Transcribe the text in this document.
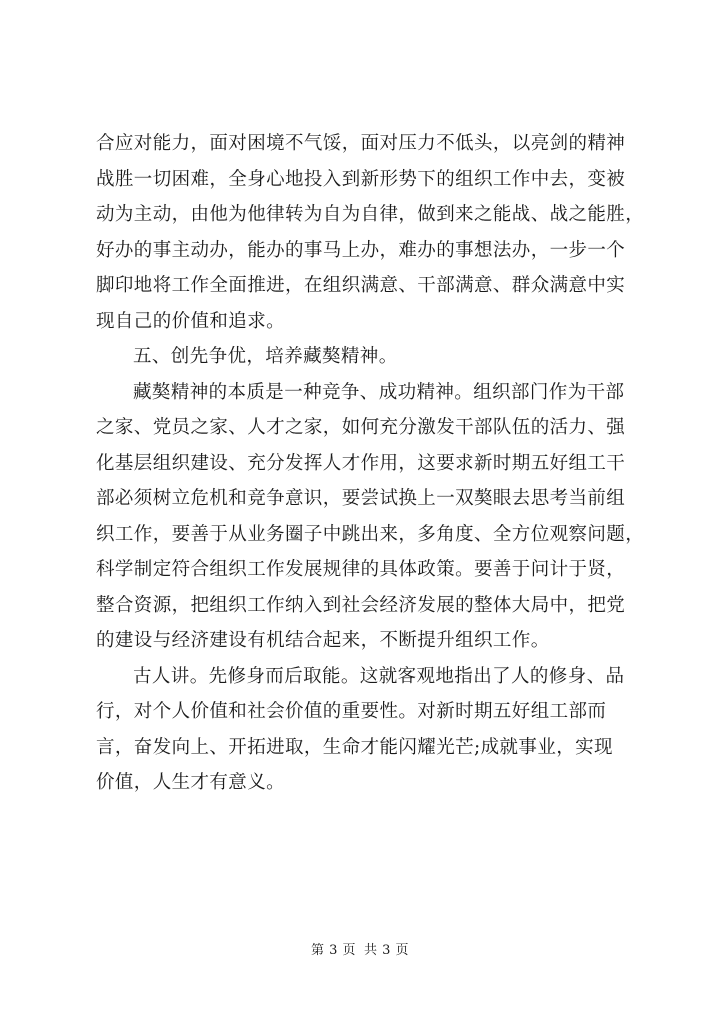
合应对能力，面对困境不气馁，面对压力不低头，以亮剑的精神
战胜一切困难，全身心地投入到新形势下的组织工作中去，变被
动为主动，由他为他律转为自为自律，做到来之能战、战之能胜，
好办的事主动办，能办的事马上办，难办的事想法办，一步一个
脚印地将工作全面推进，在组织满意、干部满意、群众满意中实
现自己的价值和追求。
五、创先争优，培养藏獒精神。
藏獒精神的本质是一种竞争、成功精神。组织部门作为干部
之家、党员之家、人才之家，如何充分激发干部队伍的活力、强
化基层组织建设、充分发挥人才作用，这要求新时期五好组工干
部必须树立危机和竞争意识，要尝试换上一双獒眼去思考当前组
织工作，要善于从业务圈子中跳出来，多角度、全方位观察问题，
科学制定符合组织工作发展规律的具体政策。要善于问计于贤，
整合资源，把组织工作纳入到社会经济发展的整体大局中，把党
的建设与经济建设有机结合起来，不断提升组织工作。
古人讲。先修身而后取能。这就客观地指出了人的修身、品
行，对个人价值和社会价值的重要性。对新时期五好组工部而
言，奋发向上、开拓进取，生命才能闪耀光芒;成就事业，实现
价值，人生才有意义。
第 3 页 共 3 页
